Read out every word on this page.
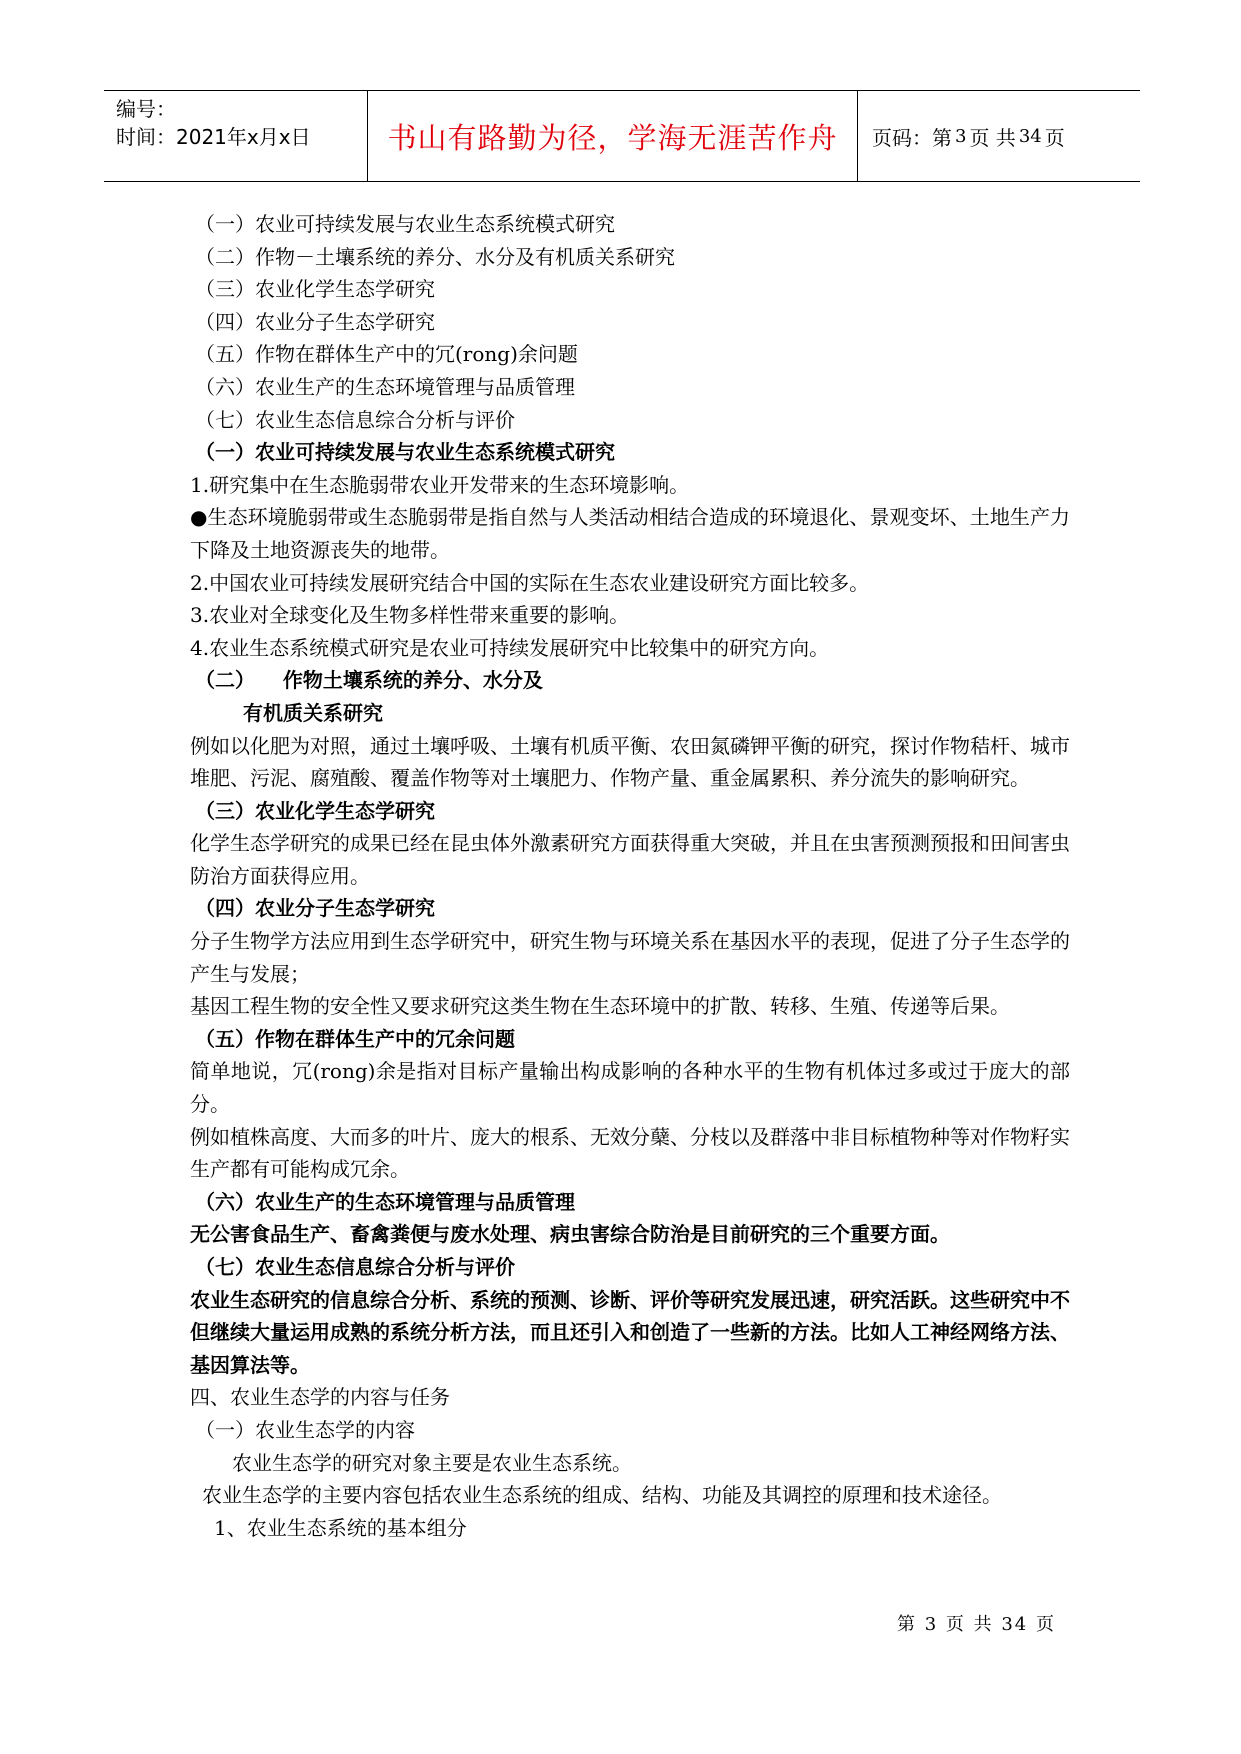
编号：
时间：2021年x月x日	书山有路勤为径，学海无涯苦作舟	页码：第 3 页 共 34 页
（一）农业可持续发展与农业生态系统模式研究
（二）作物－土壤系统的养分、水分及有机质关系研究
（三）农业化学生态学研究
（四）农业分子生态学研究
（五）作物在群体生产中的冗(rong)余问题
（六）农业生产的生态环境管理与品质管理
（七）农业生态信息综合分析与评价
（一）农业可持续发展与农业生态系统模式研究
1.研究集中在生态脆弱带农业开发带来的生态环境影响。
●生态环境脆弱带或生态脆弱带是指自然与人类活动相结合造成的环境退化、景观变坏、土地生产力下降及土地资源丧失的地带。
2.中国农业可持续发展研究结合中国的实际在生态农业建设研究方面比较多。
3.农业对全球变化及生物多样性带来重要的影响。
4.农业生态系统模式研究是农业可持续发展研究中比较集中的研究方向。
（二）    作物土壤系统的养分、水分及
有机质关系研究
例如以化肥为对照，通过土壤呼吸、土壤有机质平衡、农田氮磷钾平衡的研究，探讨作物秸杆、城市堆肥、污泥、腐殖酸、覆盖作物等对土壤肥力、作物产量、重金属累积、养分流失的影响研究。
（三）农业化学生态学研究
化学生态学研究的成果已经在昆虫体外激素研究方面获得重大突破，并且在虫害预测预报和田间害虫防治方面获得应用。
（四）农业分子生态学研究
分子生物学方法应用到生态学研究中，研究生物与环境关系在基因水平的表现，促进了分子生态学的产生与发展；
基因工程生物的安全性又要求研究这类生物在生态环境中的扩散、转移、生殖、传递等后果。
（五）作物在群体生产中的冗余问题
简单地说，冗(rong)余是指对目标产量输出构成影响的各种水平的生物有机体过多或过于庞大的部分。
例如植株高度、大而多的叶片、庞大的根系、无效分蘖、分枝以及群落中非目标植物种等对作物籽实生产都有可能构成冗余。
（六）农业生产的生态环境管理与品质管理
无公害食品生产、畜禽粪便与废水处理、病虫害综合防治是目前研究的三个重要方面。
（七）农业生态信息综合分析与评价
农业生态研究的信息综合分析、系统的预测、诊断、评价等研究发展迅速，研究活跃。这些研究中不但继续大量运用成熟的系统分析方法，而且还引入和创造了一些新的方法。比如人工神经网络方法、基因算法等。
四、农业生态学的内容与任务
（一）农业生态学的内容
农业生态学的研究对象主要是农业生态系统。
农业生态学的主要内容包括农业生态系统的组成、结构、功能及其调控的原理和技术途径。
1、农业生态系统的基本组分
第 3 页 共 34 页
